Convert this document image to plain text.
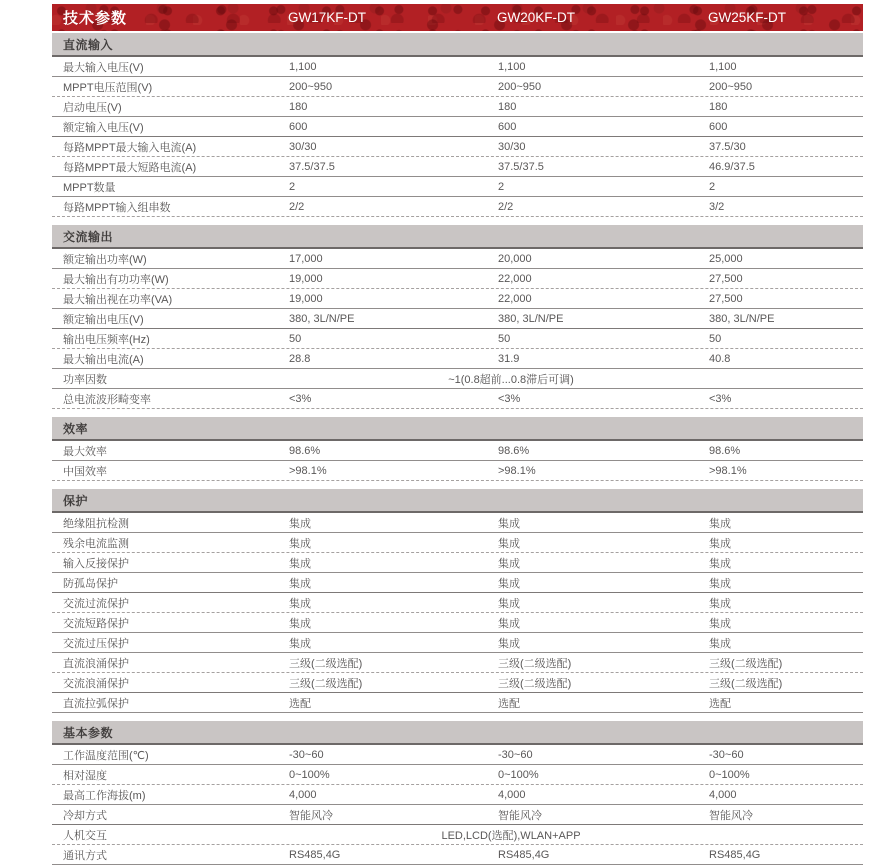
技术参数	GW17KF-DT	GW20KF-DT	GW25KF-DT
直流输入
最大输入电压(V)	1,100	1,100	1,100
MPPT电压范围(V)	200~950	200~950	200~950
启动电压(V)	180	180	180
额定输入电压(V)	600	600	600
每路MPPT最大输入电流(A)	30/30	30/30	37.5/30
每路MPPT最大短路电流(A)	37.5/37.5	37.5/37.5	46.9/37.5
MPPT数量	2	2	2
每路MPPT输入组串数	2/2	2/2	3/2
交流输出
额定输出功率(W)	17,000	20,000	25,000
最大输出有功功率(W)	19,000	22,000	27,500
最大输出视在功率(VA)	19,000	22,000	27,500
额定输出电压(V)	380, 3L/N/PE	380, 3L/N/PE	380, 3L/N/PE
输出电压频率(Hz)	50	50	50
最大输出电流(A)	28.8	31.9	40.8
功率因数	~1(0.8超前...0.8滞后可调)
总电流波形畸变率	<3%	<3%	<3%
效率
最大效率	98.6%	98.6%	98.6%
中国效率	>98.1%	>98.1%	>98.1%
保护
绝缘阻抗检测	集成	集成	集成
残余电流监测	集成	集成	集成
输入反接保护	集成	集成	集成
防孤岛保护	集成	集成	集成
交流过流保护	集成	集成	集成
交流短路保护	集成	集成	集成
交流过压保护	集成	集成	集成
直流浪涌保护	三级(二级选配)	三级(二级选配)	三级(二级选配)
交流浪涌保护	三级(二级选配)	三级(二级选配)	三级(二级选配)
直流拉弧保护	选配	选配	选配
基本参数
工作温度范围(℃)	-30~60	-30~60	-30~60
相对湿度	0~100%	0~100%	0~100%
最高工作海拔(m)	4,000	4,000	4,000
冷却方式	智能风冷	智能风冷	智能风冷
人机交互	LED,LCD(选配),WLAN+APP
通讯方式	RS485,4G	RS485,4G	RS485,4G
